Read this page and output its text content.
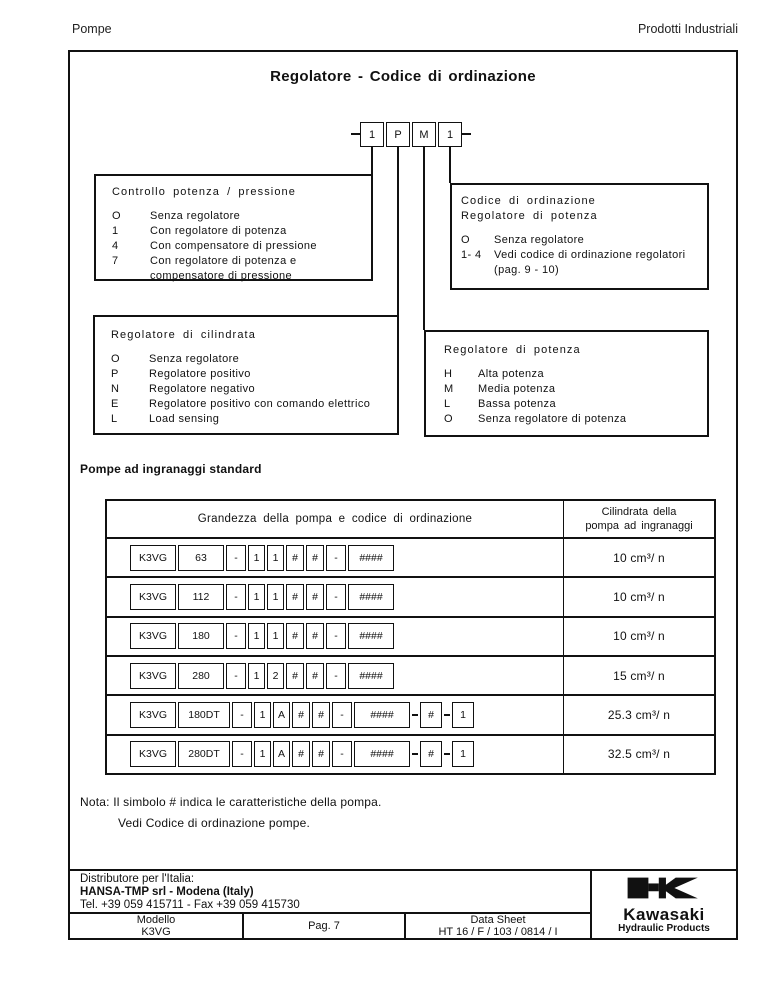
Pompe	Prodotti Industriali
Regolatore - Codice di ordinazione
1	P	M	1
Controllo potenza / pressione
O	Senza regolatore
1	Con regolatore di potenza
4	Con compensatore di pressione
7	Con regolatore di potenza e
compensatore di pressione
Codice di ordinazione
Regolatore di potenza
O	Senza regolatore
1- 4	Vedi codice di ordinazione regolatori
(pag. 9 - 10)
Regolatore di cilindrata
O	Senza regolatore
P	Regolatore positivo
N	Regolatore negativo
E	Regolatore positivo con comando elettrico
L	Load sensing
Regolatore di potenza
H	Alta potenza
M	Media potenza
L	Bassa potenza
O	Senza regolatore di potenza
Pompe ad ingranaggi standard
Grandezza della pompa e codice di ordinazione
Cilindrata della
pompa ad ingranaggi
K3VG	63	-	1	1	#	#	-	####	10 cm³/ n
K3VG	112	-	1	1	#	#	-	####	10 cm³/ n
K3VG	180	-	1	1	#	#	-	####	10 cm³/ n
K3VG	280	-	1	2	#	#	-	####	15 cm³/ n
K3VG	180DT	-	1	A	#	#	-	####	#	1	25.3 cm³/ n
K3VG	280DT	-	1	A	#	#	-	####	#	1	32.5 cm³/ n
Nota: Il simbolo # indica le caratteristiche della pompa.
Vedi Codice di ordinazione pompe.
Distributore per l'Italia:
HANSA-TMP srl - Modena (Italy)
Tel. +39 059 415711 - Fax +39 059 415730
Modello
K3VG	Pag. 7	Data Sheet
HT 16 / F / 103 / 0814 / I
Kawasaki
Hydraulic Products
